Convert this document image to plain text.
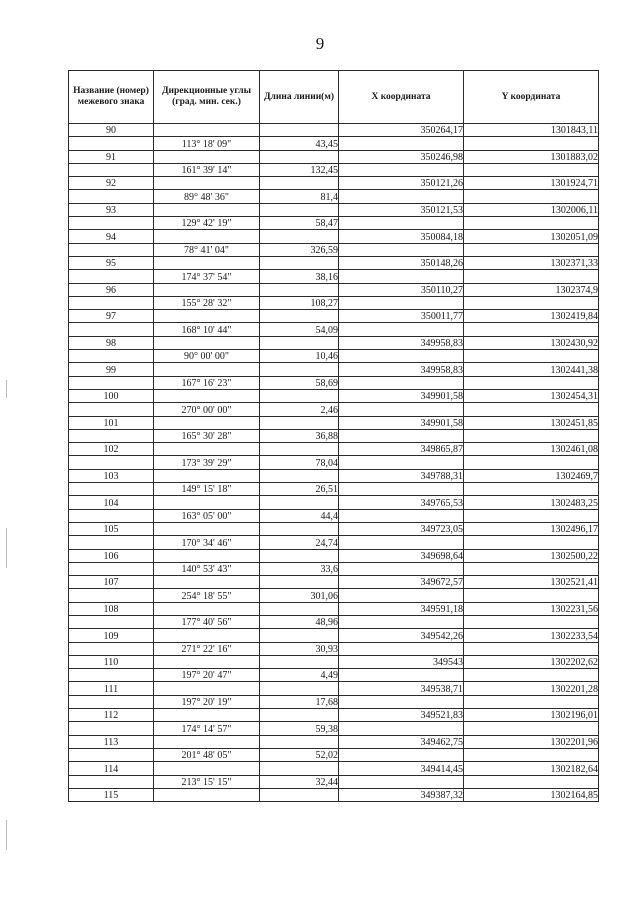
9
Название (номер) межевого знака	Дирекционные углы (град. мин. сек.)	Длина линии(м)	X координата	Y координата
90			350264,17	1301843,11
	113° 18' 09"	43,45		
91			350246,98	1301883,02
	161° 39' 14"	132,45		
92			350121,26	1301924,71
	89° 48' 36"	81,4		
93			350121,53	1302006,11
	129° 42' 19"	58,47		
94			350084,18	1302051,09
	78° 41' 04"	326,59		
95			350148,26	1302371,33
	174° 37' 54"	38,16		
96			350110,27	1302374,9
	155° 28' 32"	108,27		
97			350011,77	1302419,84
	168° 10' 44"	54,09		
98			349958,83	1302430,92
	90° 00' 00"	10,46		
99			349958,83	1302441,38
	167° 16' 23"	58,69		
100			349901,58	1302454,31
	270° 00' 00"	2,46		
101			349901,58	1302451,85
	165° 30' 28"	36,88		
102			349865,87	1302461,08
	173° 39' 29"	78,04		
103			349788,31	1302469,7
	149° 15' 18"	26,51		
104			349765,53	1302483,25
	163° 05' 00"	44,4		
105			349723,05	1302496,17
	170° 34' 46"	24,74		
106			349698,64	1302500,22
	140° 53' 43"	33,6		
107			349672,57	1302521,41
	254° 18' 55"	301,06		
108			349591,18	1302231,56
	177° 40' 56"	48,96		
109			349542,26	1302233,54
	271° 22' 16"	30,93		
110			349543	1302202,62
	197° 20' 47"	4,49		
111			349538,71	1302201,28
	197° 20' 19"	17,68		
112			349521,83	1302196,01
	174° 14' 57"	59,38		
113			349462,75	1302201,96
	201° 48' 05"	52,02		
114			349414,45	1302182,64
	213° 15' 15"	32,44		
115			349387,32	1302164,85
